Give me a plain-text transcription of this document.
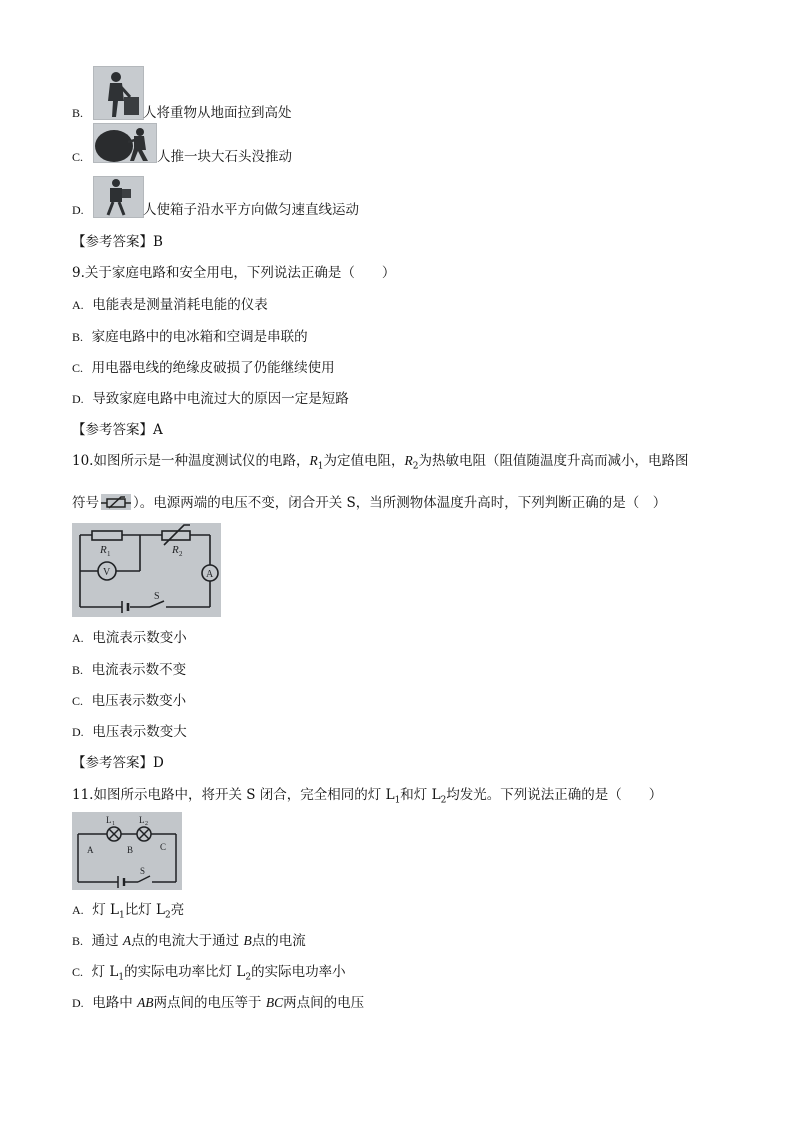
B.	人将重物从地面拉到高处
C.	人推一块大石头没推动
D.	人使箱子沿水平方向做匀速直线运动
【参考答案】B
9.关于家庭电路和安全用电，下列说法正确是（　　）
A. 电能表是测量消耗电能的仪表
B. 家庭电路中的电冰箱和空调是串联的
C. 用电器电线的绝缘皮破损了仍能继续使用
D. 导致家庭电路中电流过大的原因一定是短路
【参考答案】A
10.如图所示是一种温度测试仪的电路，$R_1$为定值电阻，$R_2$为热敏电阻（阻值随温度升高而减小，电路图
符号	）。电源两端的电压不变，闭合开关 S，当所测物体温度升高时，下列判断正确的是（　）
R 1	R 2
V	A
S
A. 电流表示数变小
B. 电流表示数不变
C. 电压表示数变小
D. 电压表示数变大
【参考答案】D
11.如图所示电路中，将开关 S 闭合，完全相同的灯 $L_1$和灯 $L_2$均发光。下列说法正确的是（　　）
L 1	L 2
A	B	C
S
A. 灯 $L_1$比灯 $L_2$亮
B. 通过 A点的电流大于通过 B点的电流
C. 灯 $L_1$的实际电功率比灯 $L_2$的实际电功率小
D. 电路中 AB两点间的电压等于 BC两点间的电压
